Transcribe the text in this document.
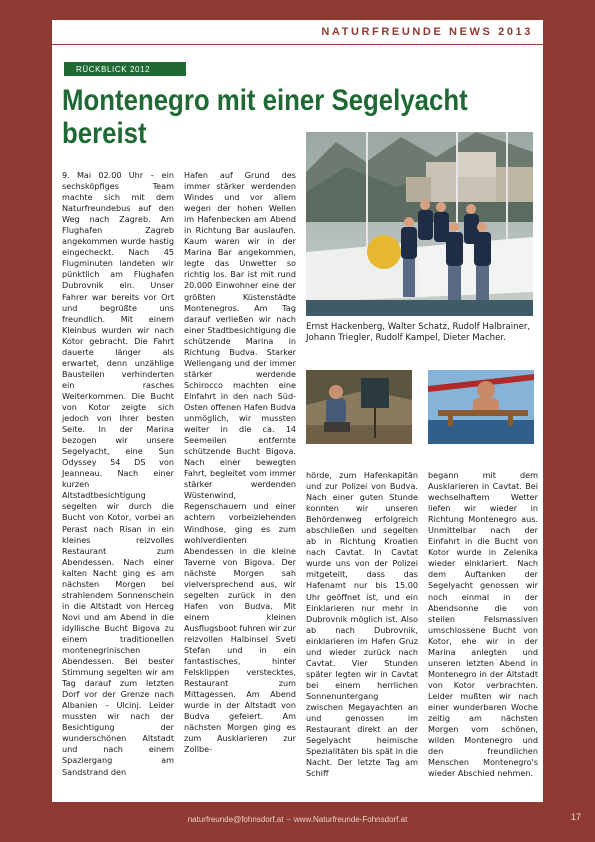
NATURFREUNDE NEWS 2013
RÜCKBLICK 2012
Montenegro mit einer Segelyacht bereist

9. Mai 02.00 Uhr – ein sechsköpfiges Team machte sich mit dem Naturfreundebus auf den Weg nach Zagreb. Am Flughafen Zagreb angekommen wurde hastig eingecheckt. Nach 45 Flugminuten landeten wir pünktlich am Flughafen Dubrovnik ein. Unser Fahrer war bereits vor Ort und begrüßte uns freundlich. Mit einem Kleinbus wurden wir nach Kotor gebracht. Die Fahrt dauerte länger als erwartet, denn unzählige Baustellen verhinderten ein rasches Weiterkommen. Die Bucht von Kotor zeigte sich jedoch von Ihrer besten Seite. In der Marina bezogen wir unsere Segelyacht, eine Sun Odyssey 54 DS von Jeanneau. Nach einer kurzen Altstadtbesichtigung segelten wir durch die Bucht von Kotor, vorbei an Perast nach Risan in ein kleines reizvolles Restaurant zum Abendessen. Nach einer kalten Nacht ging es am nächsten Morgen bei strahlendem Sonnenschein in die Altstadt von Herceg Novi und am Abend in die idyllische Bucht Bigova zu einem traditionellen montenegrinischen Abendessen. Bei bester Stimmung segelten wir am Tag darauf zum letzten Dorf vor der Grenze nach Albanien – Ulcinj. Leider mussten wir nach der Besichtigung der wunderschönen Altstadt und nach einem Spaziergang am Sandstrand den

Hafen auf Grund des immer stärker werdenden Windes und vor allem wegen der hohen Wellen im Hafenbecken am Abend in Richtung Bar auslaufen. Kaum waren wir in der Marina Bar angekommen, legte das Unwetter so richtig los. Bar ist mit rund 20.000 Einwohner eine der größten Küstenstädte Montenegros. Am Tag darauf verließen wir nach einer Stadtbesichtigung die schützende Marina in Richtung Budva. Starker Wellengang und der immer stärker werdende Schirocco machten eine Einfahrt in den nach Süd- Osten offenen Hafen Budva unmöglich, wir mussten weiter in die ca. 14 Seemeilen entfernte schützende Bucht Bigova. Nach einer bewegten Fahrt, begleitet vom immer stärker werdenden Wüstenwind, Regenschauern und einer achtern vorbeiziehenden Windhose, ging es zum wohlverdienten Abendessen in die kleine Taverne von Bigova. Der nächste Morgen sah vielversprechend aus, wir segelten zurück in den Hafen von Budva. Mit einem kleinen Ausflugsboot fuhren wir zur reizvollen Halbinsel Sveti Stefan und in ein fantastisches, hinter Felsklippen verstecktes, Restaurant zum Mittagessen. Am Abend wurde in der Altstadt von Budva gefeiert. Am nächsten Morgen ging es zum Ausklarieren zur Zollbe-

Ernst Hackenberg, Walter Schatz, Rudolf Halbrainer, Johann Triegler, Rudolf Kampel, Dieter Macher.

hörde, zum Hafenkapitän und zur Polizei von Budva. Nach einer guten Stunde konnten wir unseren Behördenweg erfolgreich abschließen und segelten ab in Richtung Kroatien nach Cavtat. In Cavtat wurde uns von der Polizei mitgeteilt, dass das Hafenamt nur bis 15.00 Uhr geöffnet ist, und ein Einklarieren nur mehr in Dubrovnik möglich ist. Also ab nach Dubrovnik, einklarieren im Hafen Gruz und wieder zurück nach Cavtat. Vier Stunden später legten wir in Cavtat bei einem herrlichen Sonnenuntergang zwischen Megayachten an und genossen im Restaurant direkt an der Segelyacht heimische Spezialitäten bis spät in die Nacht. Der letzte Tag am Schiff

begann mit dem Ausklarieren in Cavtat. Bei wechselhaftem Wetter liefen wir wieder in Richtung Montenegro aus. Unmittelbar nach der Einfahrt in die Bucht von Kotor wurde in Zelenika wieder einklariert. Nach dem Auftanken der Segelyacht genossen wir noch einmal in der Abendsonne die von steilen Felsmassiven umschlossene Bucht von Kotor, ehe wir in der Marina anlegten und unseren letzten Abend in Montenegro in der Altstadt von Kotor verbrachten. Leider mußten wir nach einer wunderbaren Woche zeitig am nächsten Morgen vom schönen, wilden Montenegro und den freundlichen Menschen Montenegro's wieder Abschied nehmen.

naturfreunde@fohnsdorf.at – www.Naturfreunde-Fohnsdorf.at	17
